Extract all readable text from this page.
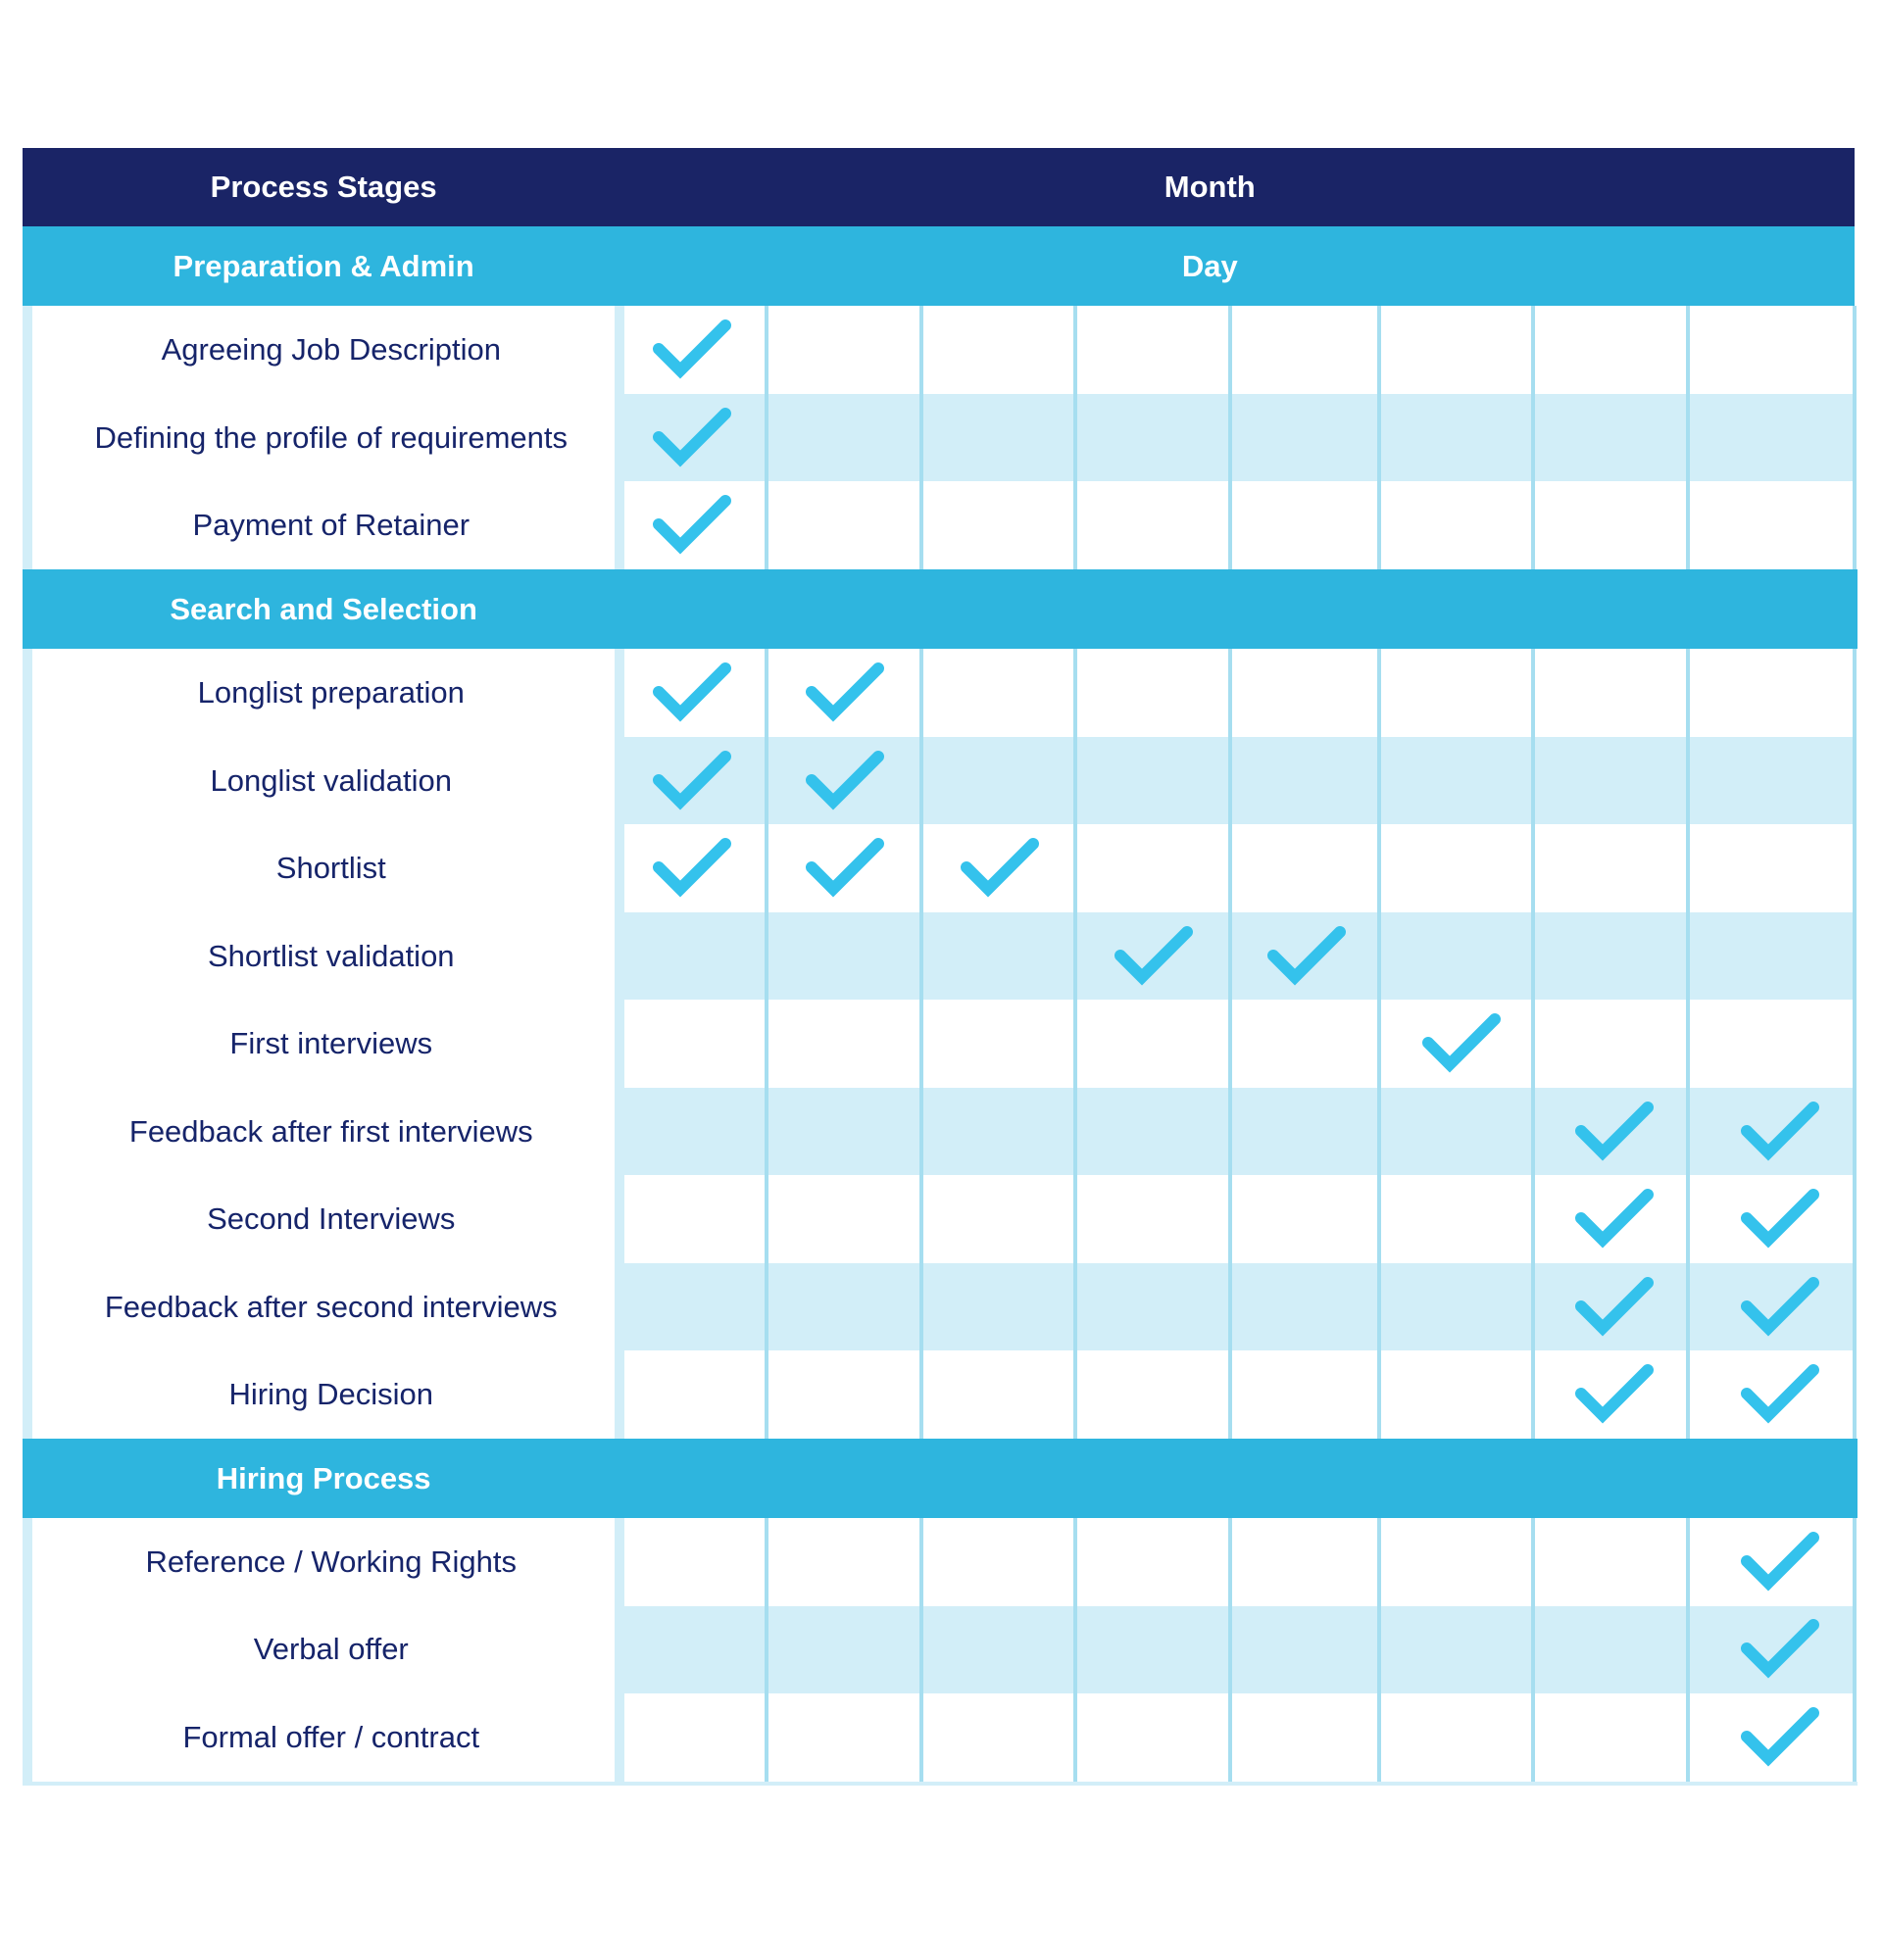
Process Stages	Month
Preparation & Admin	Day
Agreeing Job Description
Defining the profile of requirements
Payment of Retainer
Search and Selection
Longlist preparation
Longlist validation
Shortlist
Shortlist validation
First interviews
Feedback after first interviews
Second Interviews
Feedback after second interviews
Hiring Decision
Hiring Process
Reference / Working Rights
Verbal offer
Formal offer / contract
